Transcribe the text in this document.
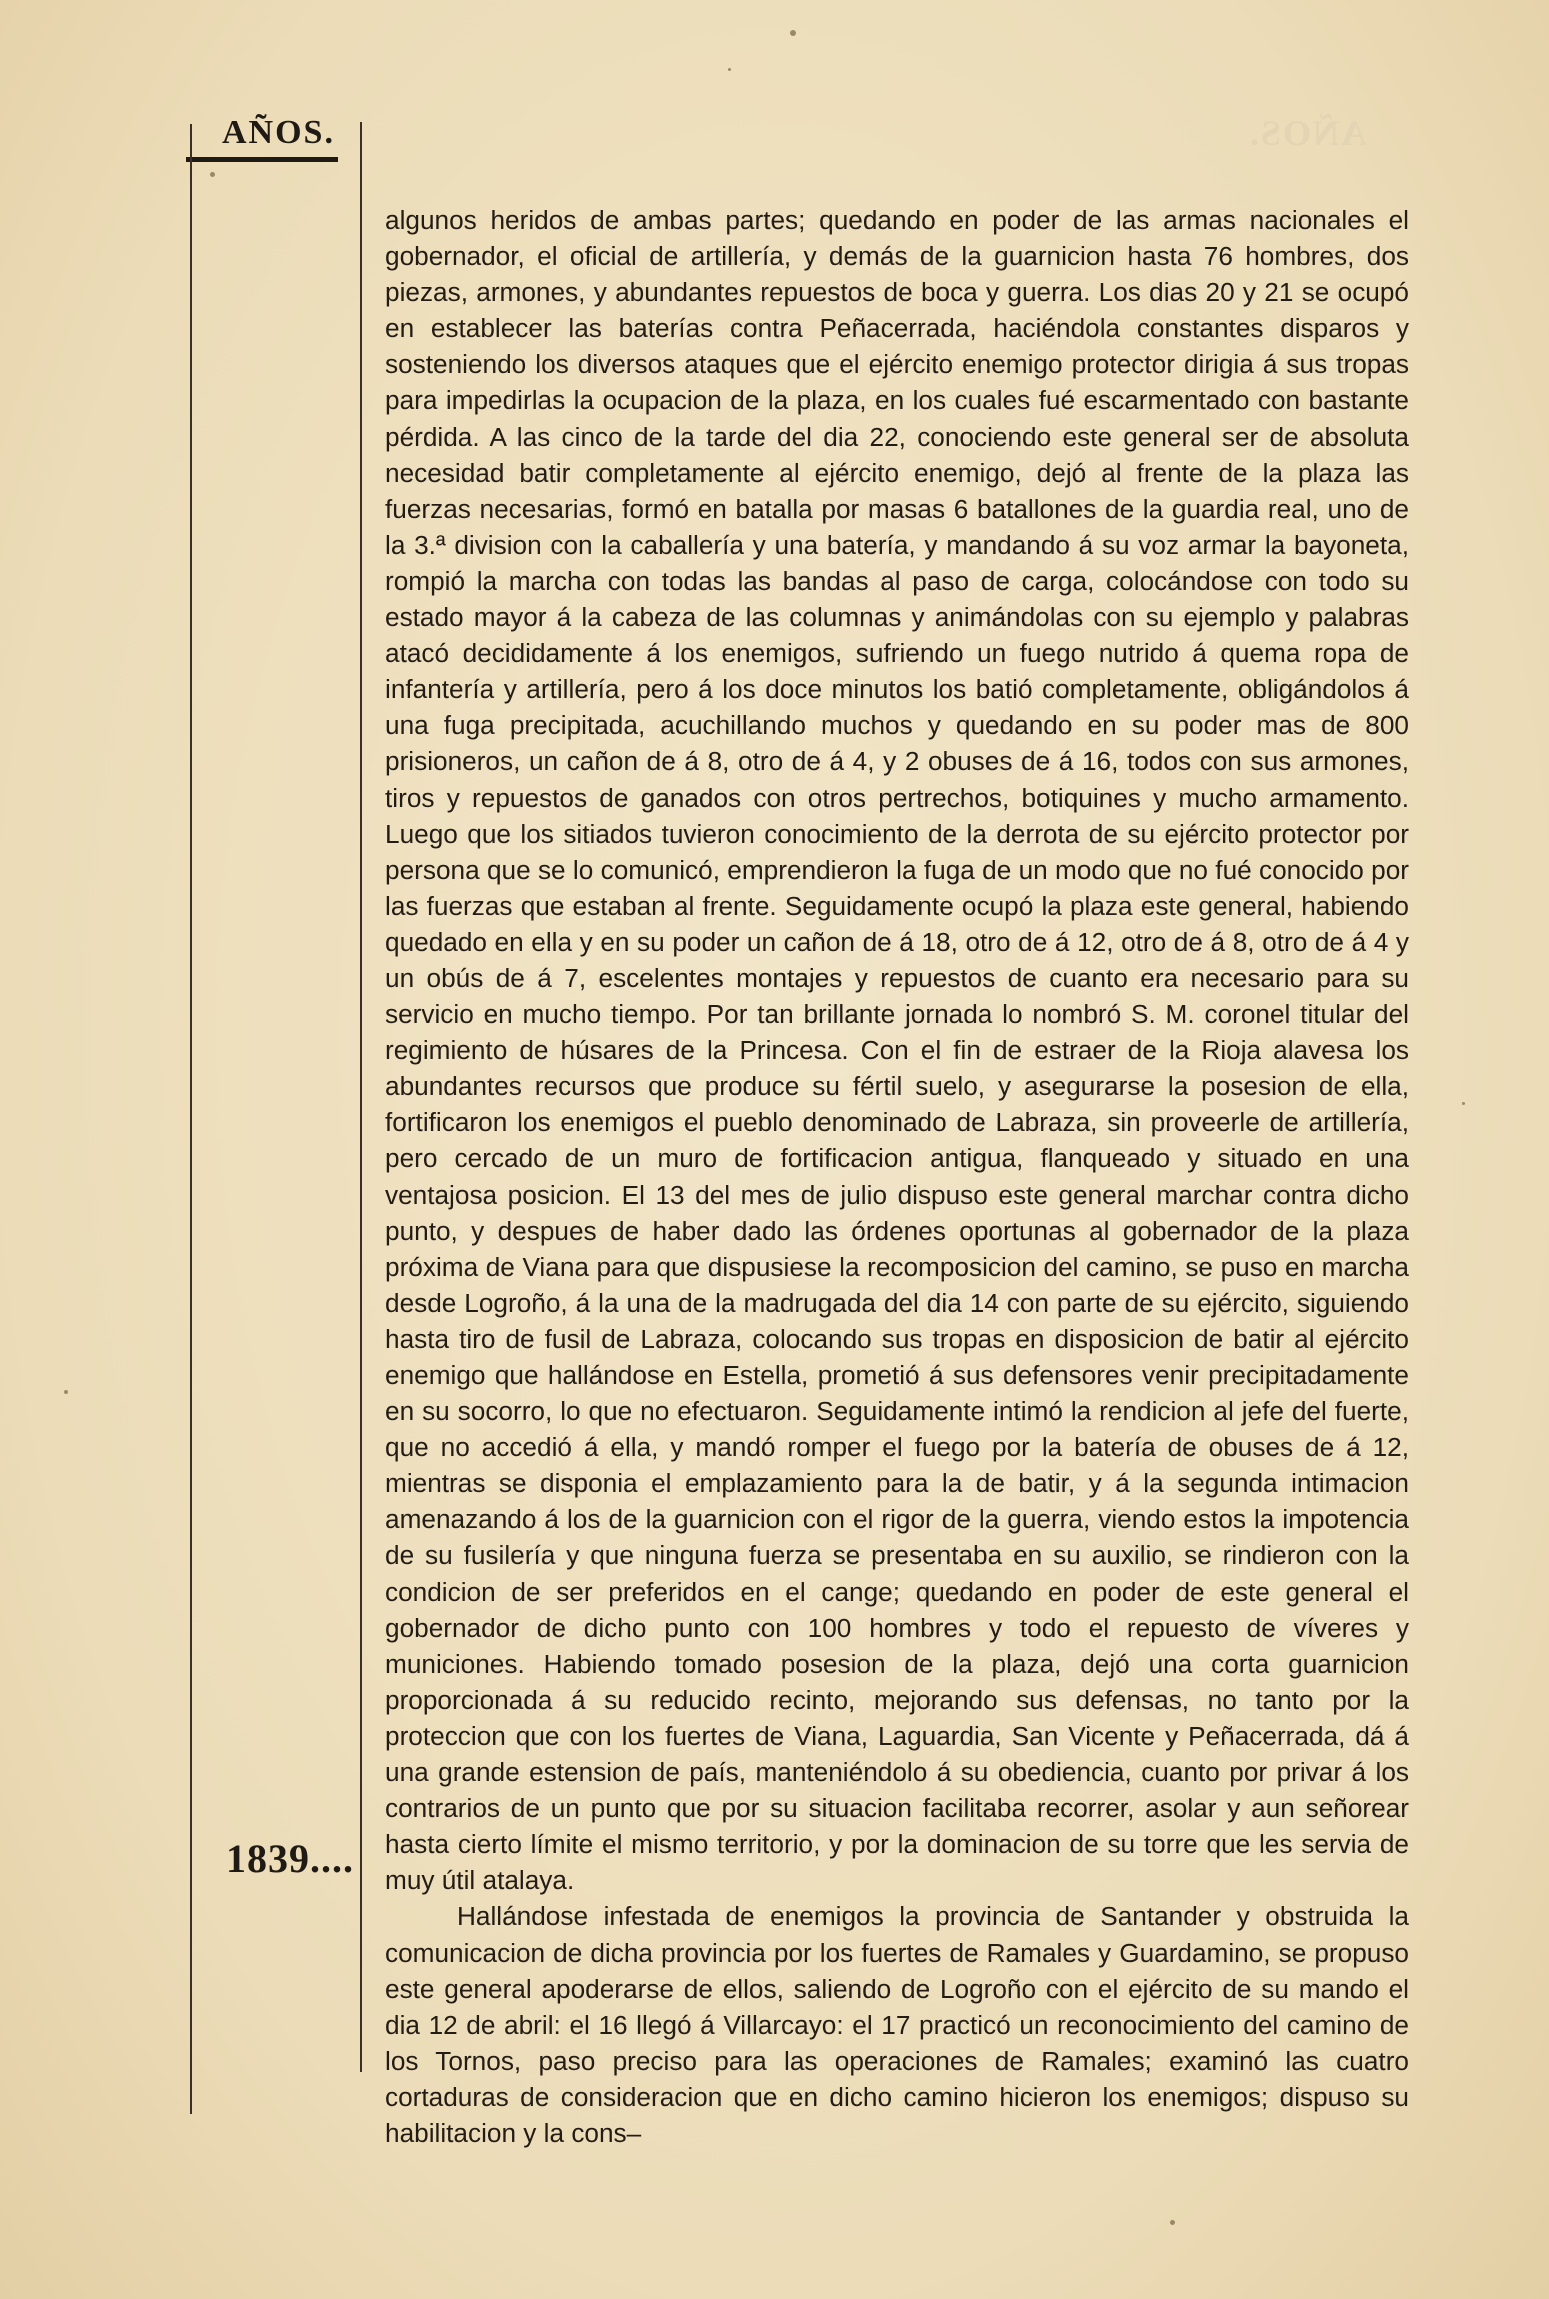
AÑOS.
AÑOS.
1839....

algunos heridos de ambas partes; quedando en poder de las armas nacionales el gobernador, el oficial de artillería, y demás de la guarnicion hasta 76 hombres, dos piezas, armones, y abundantes repuestos de boca y guerra. Los dias 20 y 21 se ocupó en establecer las baterías contra Peñacerrada, haciéndola constantes disparos y sosteniendo los diversos ataques que el ejército enemigo protector dirigia á sus tropas para impedirlas la ocupacion de la plaza, en los cuales fué escarmentado con bastante pérdida. A las cinco de la tarde del dia 22, conociendo este general ser de absoluta necesidad batir completamente al ejército enemigo, dejó al frente de la plaza las fuerzas necesarias, formó en batalla por masas 6 batallones de la guardia real, uno de la 3.ª division con la caballería y una batería, y mandando á su voz armar la bayoneta, rompió la marcha con todas las bandas al paso de carga, colocándose con todo su estado mayor á la cabeza de las columnas y animándolas con su ejemplo y palabras atacó decididamente á los enemigos, sufriendo un fuego nutrido á quema ropa de infantería y artillería, pero á los doce minutos los batió completamente, obligándolos á una fuga precipitada, acuchillando muchos y quedando en su poder mas de 800 prisioneros, un cañon de á 8, otro de á 4, y 2 obuses de á 16, todos con sus armones, tiros y repuestos de ganados con otros pertrechos, botiquines y mucho armamento. Luego que los sitiados tuvieron conocimiento de la derrota de su ejército protector por persona que se lo comunicó, emprendieron la fuga de un modo que no fué conocido por las fuerzas que estaban al frente. Seguidamente ocupó la plaza este general, habiendo quedado en ella y en su poder un cañon de á 18, otro de á 12, otro de á 8, otro de á 4 y un obús de á 7, escelentes montajes y repuestos de cuanto era necesario para su servicio en mucho tiempo. Por tan brillante jornada lo nombró S. M. coronel titular del regimiento de húsares de la Princesa. Con el fin de estraer de la Rioja alavesa los abundantes recursos que produce su fértil suelo, y asegurarse la posesion de ella, fortificaron los enemigos el pueblo denominado de Labraza, sin proveerle de artillería, pero cercado de un muro de fortificacion antigua, flanqueado y situado en una ventajosa posicion. El 13 del mes de julio dispuso este general marchar contra dicho punto, y despues de haber dado las órdenes oportunas al gobernador de la plaza próxima de Viana para que dispusiese la recomposicion del camino, se puso en marcha desde Logroño, á la una de la madrugada del dia 14 con parte de su ejército, siguiendo hasta tiro de fusil de Labraza, colocando sus tropas en disposicion de batir al ejército enemigo que hallándose en Estella, prometió á sus defensores venir precipitadamente en su socorro, lo que no efectuaron. Seguidamente intimó la rendicion al jefe del fuerte, que no accedió á ella, y mandó romper el fuego por la batería de obuses de á 12, mientras se disponia el emplazamiento para la de batir, y á la segunda intimacion amenazando á los de la guarnicion con el rigor de la guerra, viendo estos la impotencia de su fusilería y que ninguna fuerza se presentaba en su auxilio, se rindieron con la condicion de ser preferidos en el cange; quedando en poder de este general el gobernador de dicho punto con 100 hombres y todo el repuesto de víveres y municiones. Habiendo tomado posesion de la plaza, dejó una corta guarnicion proporcionada á su reducido recinto, mejorando sus defensas, no tanto por la proteccion que con los fuertes de Viana, Laguardia, San Vicente y Peñacerrada, dá á una grande estension de país, manteniéndolo á su obediencia, cuanto por privar á los contrarios de un punto que por su situacion facilitaba recorrer, asolar y aun señorear hasta cierto límite el mismo territorio, y por la dominacion de su torre que les servia de muy útil atalaya.

Hallándose infestada de enemigos la provincia de Santander y obstruida la comunicacion de dicha provincia por los fuertes de Ramales y Guardamino, se propuso este general apoderarse de ellos, saliendo de Logroño con el ejército de su mando el dia 12 de abril: el 16 llegó á Villarcayo: el 17 practicó un reconocimiento del camino de los Tornos, paso preciso para las operaciones de Ramales; examinó las cuatro cortaduras de consideracion que en dicho camino hicieron los enemigos; dispuso su habilitacion y la cons–
